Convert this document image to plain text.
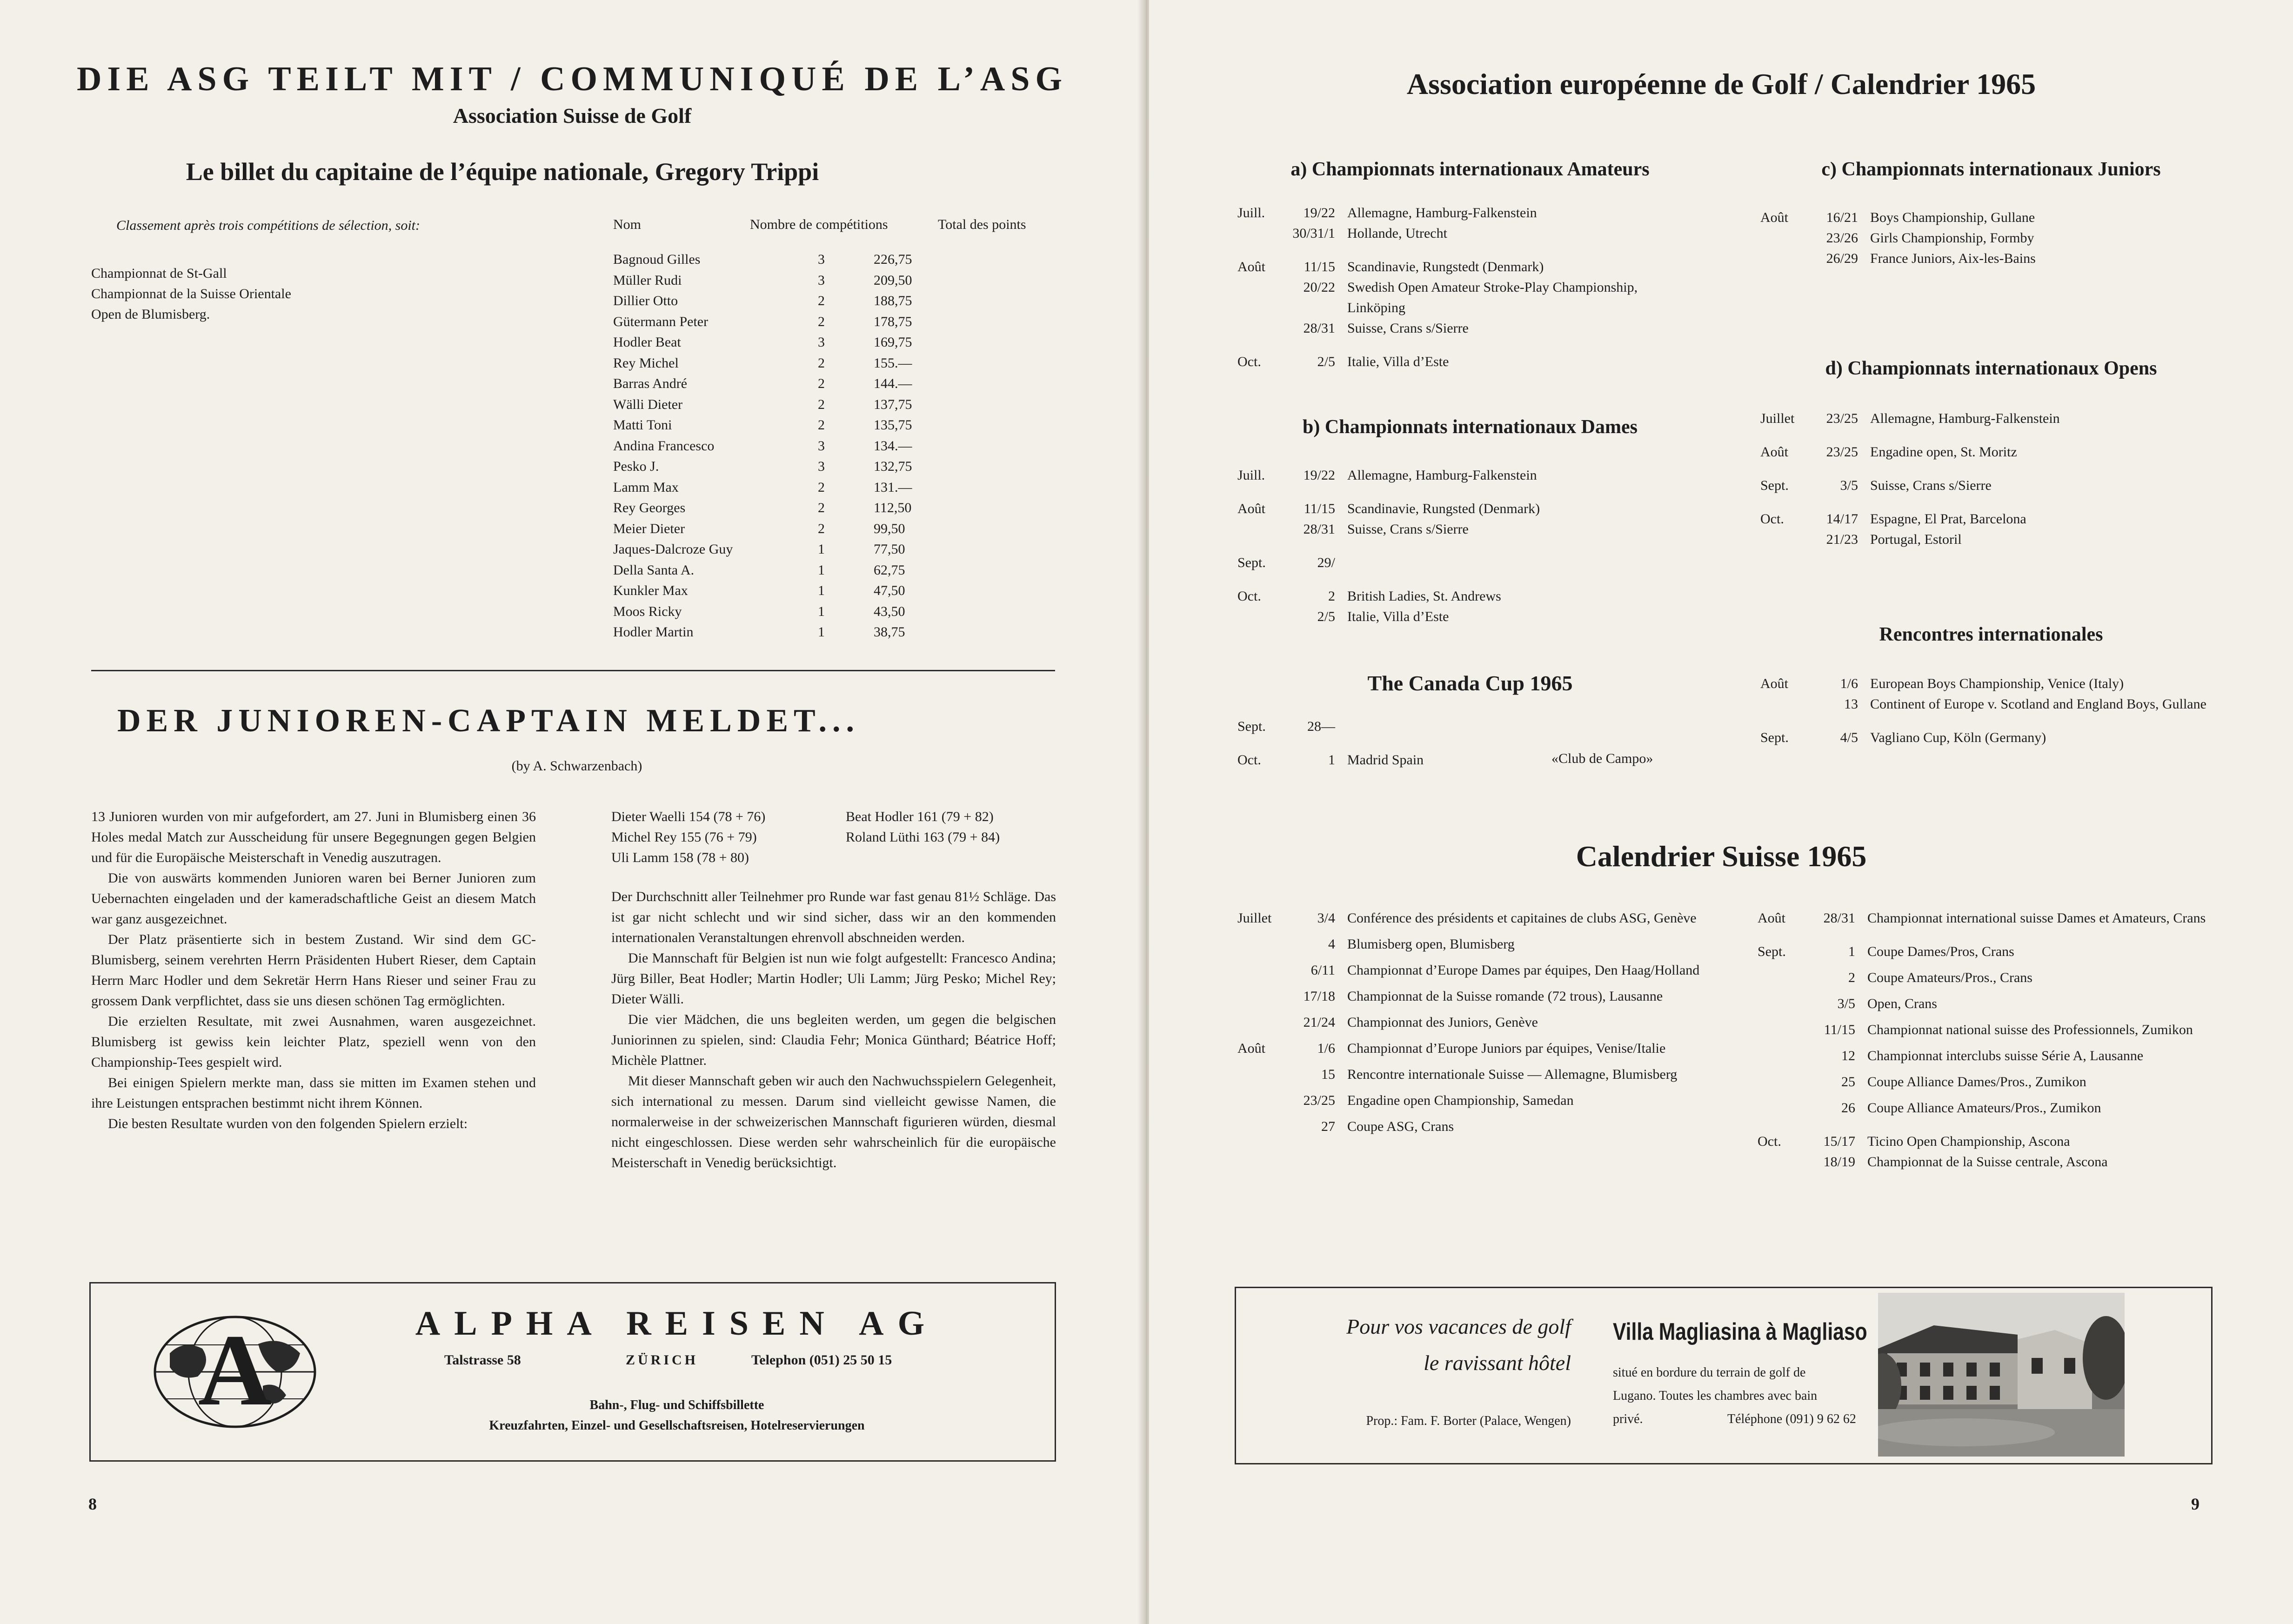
DIE ASG TEILT MIT / COMMUNIQUÉ DE L’ASG
Association Suisse de Golf
Le billet du capitaine de l’équipe nationale, Gregory Trippi
Classement après trois compétitions de sélection, soit:
Championnat de St-Gall
Championnat de la Suisse Orientale
Open de Blumisberg.
Nom	Nombre de compétitions	Total des points
Bagnoud Gilles	3	226,75
Müller Rudi	3	209,50
Dillier Otto	2	188,75
Gütermann Peter	2	178,75
Hodler Beat	3	169,75
Rey Michel	2	155.—
Barras André	2	144.—
Wälli Dieter	2	137,75
Matti Toni	2	135,75
Andina Francesco	3	134.—
Pesko J.	3	132,75
Lamm Max	2	131.—
Rey Georges	2	112,50
Meier Dieter	2	99,50
Jaques-Dalcroze Guy	1	77,50
Della Santa A.	1	62,75
Kunkler Max	1	47,50
Moos Ricky	1	43,50
Hodler Martin	1	38,75
DER JUNIOREN-CAPTAIN MELDET...
(by A. Schwarzenbach)

13 Junioren wurden von mir aufgefordert, am 27. Juni in Blumisberg einen 36 Holes medal Match zur Ausscheidung für unsere Begegnungen gegen Belgien und für die Europäische Meisterschaft in Venedig auszutragen.

Die von auswärts kommenden Junioren waren bei Berner Junioren zum Uebernachten eingeladen und der kameradschaftliche Geist an diesem Match war ganz ausgezeichnet.

Der Platz präsentierte sich in bestem Zustand. Wir sind dem GC-Blumisberg, seinem verehrten Herrn Präsidenten Hubert Rieser, dem Captain Herrn Marc Hodler und dem Sekretär Herrn Hans Rieser und seiner Frau zu grossem Dank verpflichtet, dass sie uns diesen schönen Tag ermöglichten.

Die erzielten Resultate, mit zwei Ausnahmen, waren ausgezeichnet. Blumisberg ist gewiss kein leichter Platz, speziell wenn von den Championship-Tees gespielt wird.

Bei einigen Spielern merkte man, dass sie mitten im Examen stehen und ihre Leistungen entsprachen bestimmt nicht ihrem Können.

Die besten Resultate wurden von den folgenden Spielern erzielt:

Dieter Waelli 154 (78 + 76)
Michel Rey 155 (76 + 79)
Uli Lamm 158 (78 + 80)
Beat Hodler 161 (79 + 82)
Roland Lüthi 163 (79 + 84)

Der Durchschnitt aller Teilnehmer pro Runde war fast genau 81½ Schläge. Das ist gar nicht schlecht und wir sind sicher, dass wir an den kommenden internationalen Veranstaltungen ehrenvoll abschneiden werden.

Die Mannschaft für Belgien ist nun wie folgt aufgestellt: Francesco Andina; Jürg Biller, Beat Hodler; Martin Hodler; Uli Lamm; Jürg Pesko; Michel Rey; Dieter Wälli.

Die vier Mädchen, die uns begleiten werden, um gegen die belgischen Juniorinnen zu spielen, sind: Claudia Fehr; Monica Günthard; Béatrice Hoff; Michèle Plattner.

Mit dieser Mannschaft geben wir auch den Nachwuchsspielern Gelegenheit, sich international zu messen. Darum sind vielleicht gewisse Namen, die normalerweise in der schweizerischen Mannschaft figurieren würden, diesmal nicht eingeschlossen. Diese werden sehr wahrscheinlich für die europäische Meisterschaft in Venedig berücksichtigt.

A	ALPHA REISEN AG
Talstrasse 58	ZÜRICH	Telephon (051) 25 50 15
Bahn-, Flug- und Schiffsbillette
Kreuzfahrten, Einzel- und Gesellschaftsreisen, Hotelreservierungen
8
Association européenne de Golf / Calendrier 1965
a) Championnats internationaux Amateurs
Juill.	19/22	Allemagne, Hamburg-Falkenstein
	30/31/1	Hollande, Utrecht

Août	11/15	Scandinavie, Rungstedt (Denmark)
	20/22	Swedish Open Amateur Stroke-Play Championship, Linköping
	28/31	Suisse, Crans s/Sierre

Oct.	2/5	Italie, Villa d’Este
b) Championnats internationaux Dames
Juill.	19/22	Allemagne, Hamburg-Falkenstein

Août	11/15	Scandinavie, Rungsted (Denmark)
	28/31	Suisse, Crans s/Sierre

Sept.	29/	

Oct.	2	British Ladies, St. Andrews
	2/5	Italie, Villa d’Este
The Canada Cup 1965
Sept.	28—	

Oct.	1	Madrid Spain	«Club de Campo»
c) Championnats internationaux Juniors
Août	16/21	Boys Championship, Gullane
	23/26	Girls Championship, Formby
	26/29	France Juniors, Aix-les-Bains
d) Championnats internationaux Opens
Juillet	23/25	Allemagne, Hamburg-Falkenstein

Août	23/25	Engadine open, St. Moritz

Sept.	3/5	Suisse, Crans s/Sierre

Oct.	14/17	Espagne, El Prat, Barcelona
	21/23	Portugal, Estoril
Rencontres internationales
Août	1/6	European Boys Championship, Venice (Italy)
	13	Continent of Europe v. Scotland and England Boys, Gullane

Sept.	4/5	Vagliano Cup, Köln (Germany)
Calendrier Suisse 1965
Juillet	3/4	Conférence des présidents et capitaines de clubs ASG, Genève

	4	Blumisberg open, Blumisberg

	6/11	Championnat d’Europe Dames par équipes, Den Haag/Holland

	17/18	Championnat de la Suisse romande (72 trous), Lausanne

	21/24	Championnat des Juniors, Genève

Août	1/6	Championnat d’Europe Juniors par équipes, Venise/Italie

	15	Rencontre internationale Suisse — Allemagne, Blumisberg

	23/25	Engadine open Championship, Samedan

	27	Coupe ASG, Crans
Août	28/31	Championnat international suisse Dames et Amateurs, Crans

Sept.	1	Coupe Dames/Pros, Crans

	2	Coupe Amateurs/Pros., Crans

	3/5	Open, Crans

	11/15	Championnat national suisse des Professionnels, Zumikon

	12	Championnat interclubs suisse Série A, Lausanne

	25	Coupe Alliance Dames/Pros., Zumikon

	26	Coupe Alliance Amateurs/Pros., Zumikon

Oct.	15/17	Ticino Open Championship, Ascona
	18/19	Championnat de la Suisse centrale, Ascona
Pour vos vacances de golf
le ravissant hôtel
Prop.: Fam. F. Borter (Palace, Wengen)
Villa Magliasina à Magliaso
situé en bordure du terrain de golf de
Lugano. Toutes les chambres avec bain
privé.	Téléphone (091) 9 62 62
9
